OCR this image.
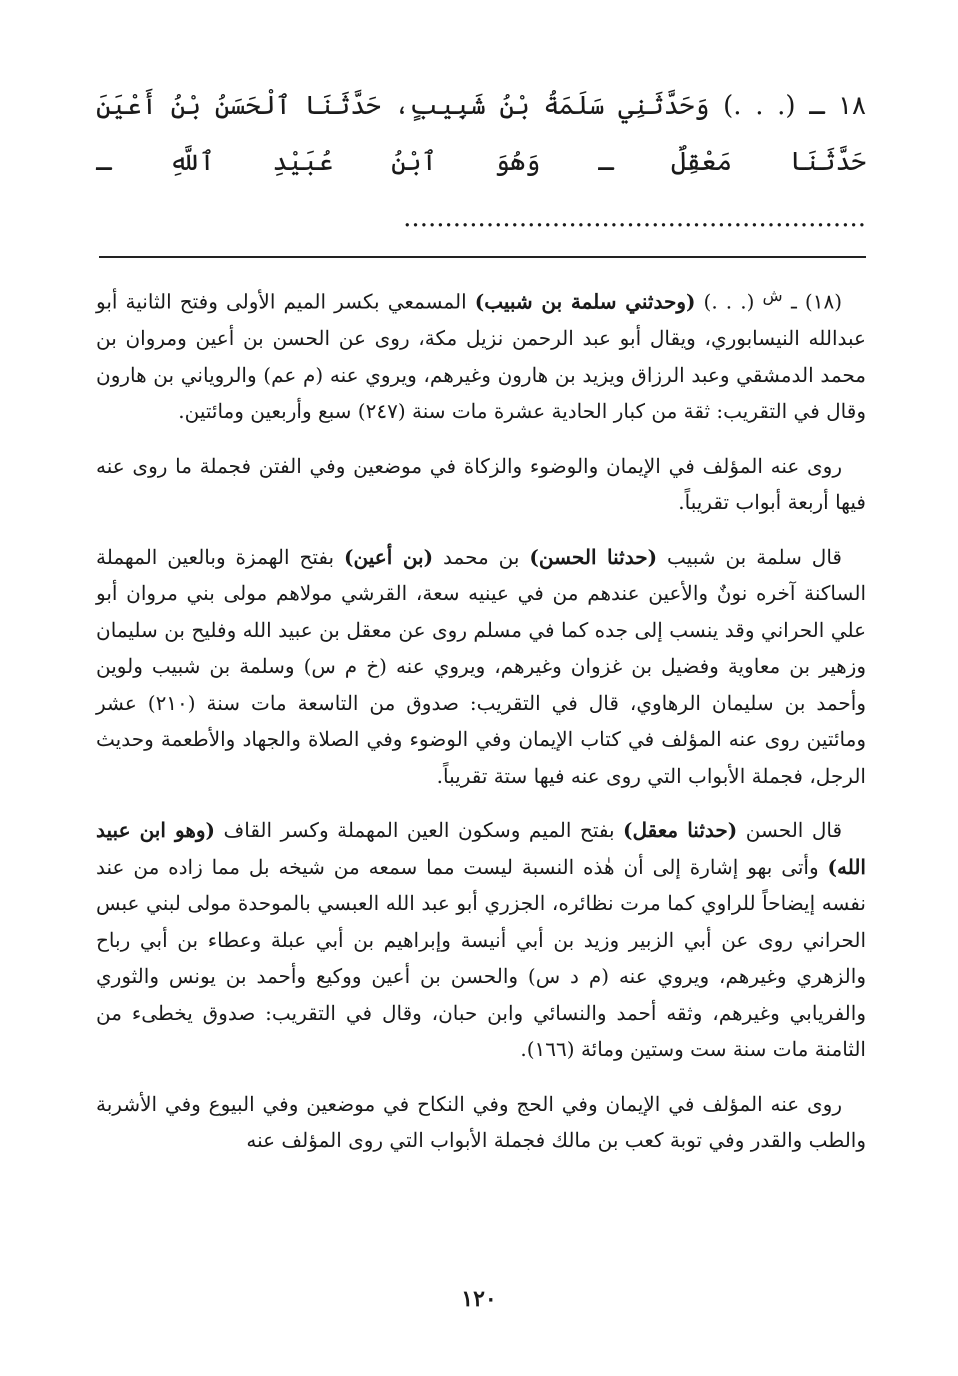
١٨ ـ (. . .) وَحَدَّثَنِي سَلَمَةُ بْنُ شَبِيبٍ، حَدَّثَنَا ٱلْحَسَنُ بْنُ أَعْيَنَ حَدَّثَنَا مَعْقِلٌ ـ وَهُوَ ٱبْنُ عُبَيْدِ ٱللَّهِ ـ ........................................................

(١٨) ـ $^ش$ (. . .) (وحدثني سلمة بن شبيب) المسمعي بكسر الميم الأولى وفتح الثانية أبو عبدالله النيسابوري، ويقال أبو عبد الرحمن نزيل مكة، روى عن الحسن بن أعين ومروان بن محمد الدمشقي وعبد الرزاق ويزيد بن هارون وغيرهم، ويروي عنه (م عم) والروياني بن هارون وقال في التقريب: ثقة من كبار الحادية عشرة مات سنة (٢٤٧) سبع وأربعين ومائتين.

روى عنه المؤلف في الإيمان والوضوء والزكاة في موضعين وفي الفتن فجملة ما روى عنه فيها أربعة أبواب تقريباً.

قال سلمة بن شبيب (حدثنا الحسن) بن محمد (بن أعين) بفتح الهمزة وبالعين المهملة الساكنة آخره نونٌ والأعين عندهم من في عينيه سعة، القرشي مولاهم مولى بني مروان أبو علي الحراني وقد ينسب إلى جده كما في مسلم روى عن معقل بن عبيد الله وفليح بن سليمان وزهير بن معاوية وفضيل بن غزوان وغيرهم، ويروي عنه (خ م س) وسلمة بن شبيب ولوين وأحمد بن سليمان الرهاوي، قال في التقريب: صدوق من التاسعة مات سنة (٢١٠) عشر ومائتين روى عنه المؤلف في كتاب الإيمان وفي الوضوء وفي الصلاة والجهاد والأطعمة وحديث الرجل، فجملة الأبواب التي روى عنه فيها ستة تقريباً.

قال الحسن (حدثنا معقل) بفتح الميم وسكون العين المهملة وكسر القاف (وهو ابن عبيد الله) وأتى بهو إشارة إلى أن هٰذه النسبة ليست مما سمعه من شيخه بل مما زاده من عند نفسه إيضاحاً للراوي كما مرت نظائره، الجزري أبو عبد الله العبسي بالموحدة مولى لبني عبس الحراني روى عن أبي الزبير وزيد بن أبي أنيسة وإبراهيم بن أبي عبلة وعطاء بن أبي رباح والزهري وغيرهم، ويروي عنه (م د س) والحسن بن أعين ووكيع وأحمد بن يونس والثوري والفريابي وغيرهم، وثقه أحمد والنسائي وابن حبان، وقال في التقريب: صدوق يخطىء من الثامنة مات سنة ست وستين ومائة (١٦٦).

روى عنه المؤلف في الإيمان وفي الحج وفي النكاح في موضعين وفي البيوع وفي الأشربة والطب والقدر وفي توبة كعب بن مالك فجملة الأبواب التي روى المؤلف عنه

١٢٠
